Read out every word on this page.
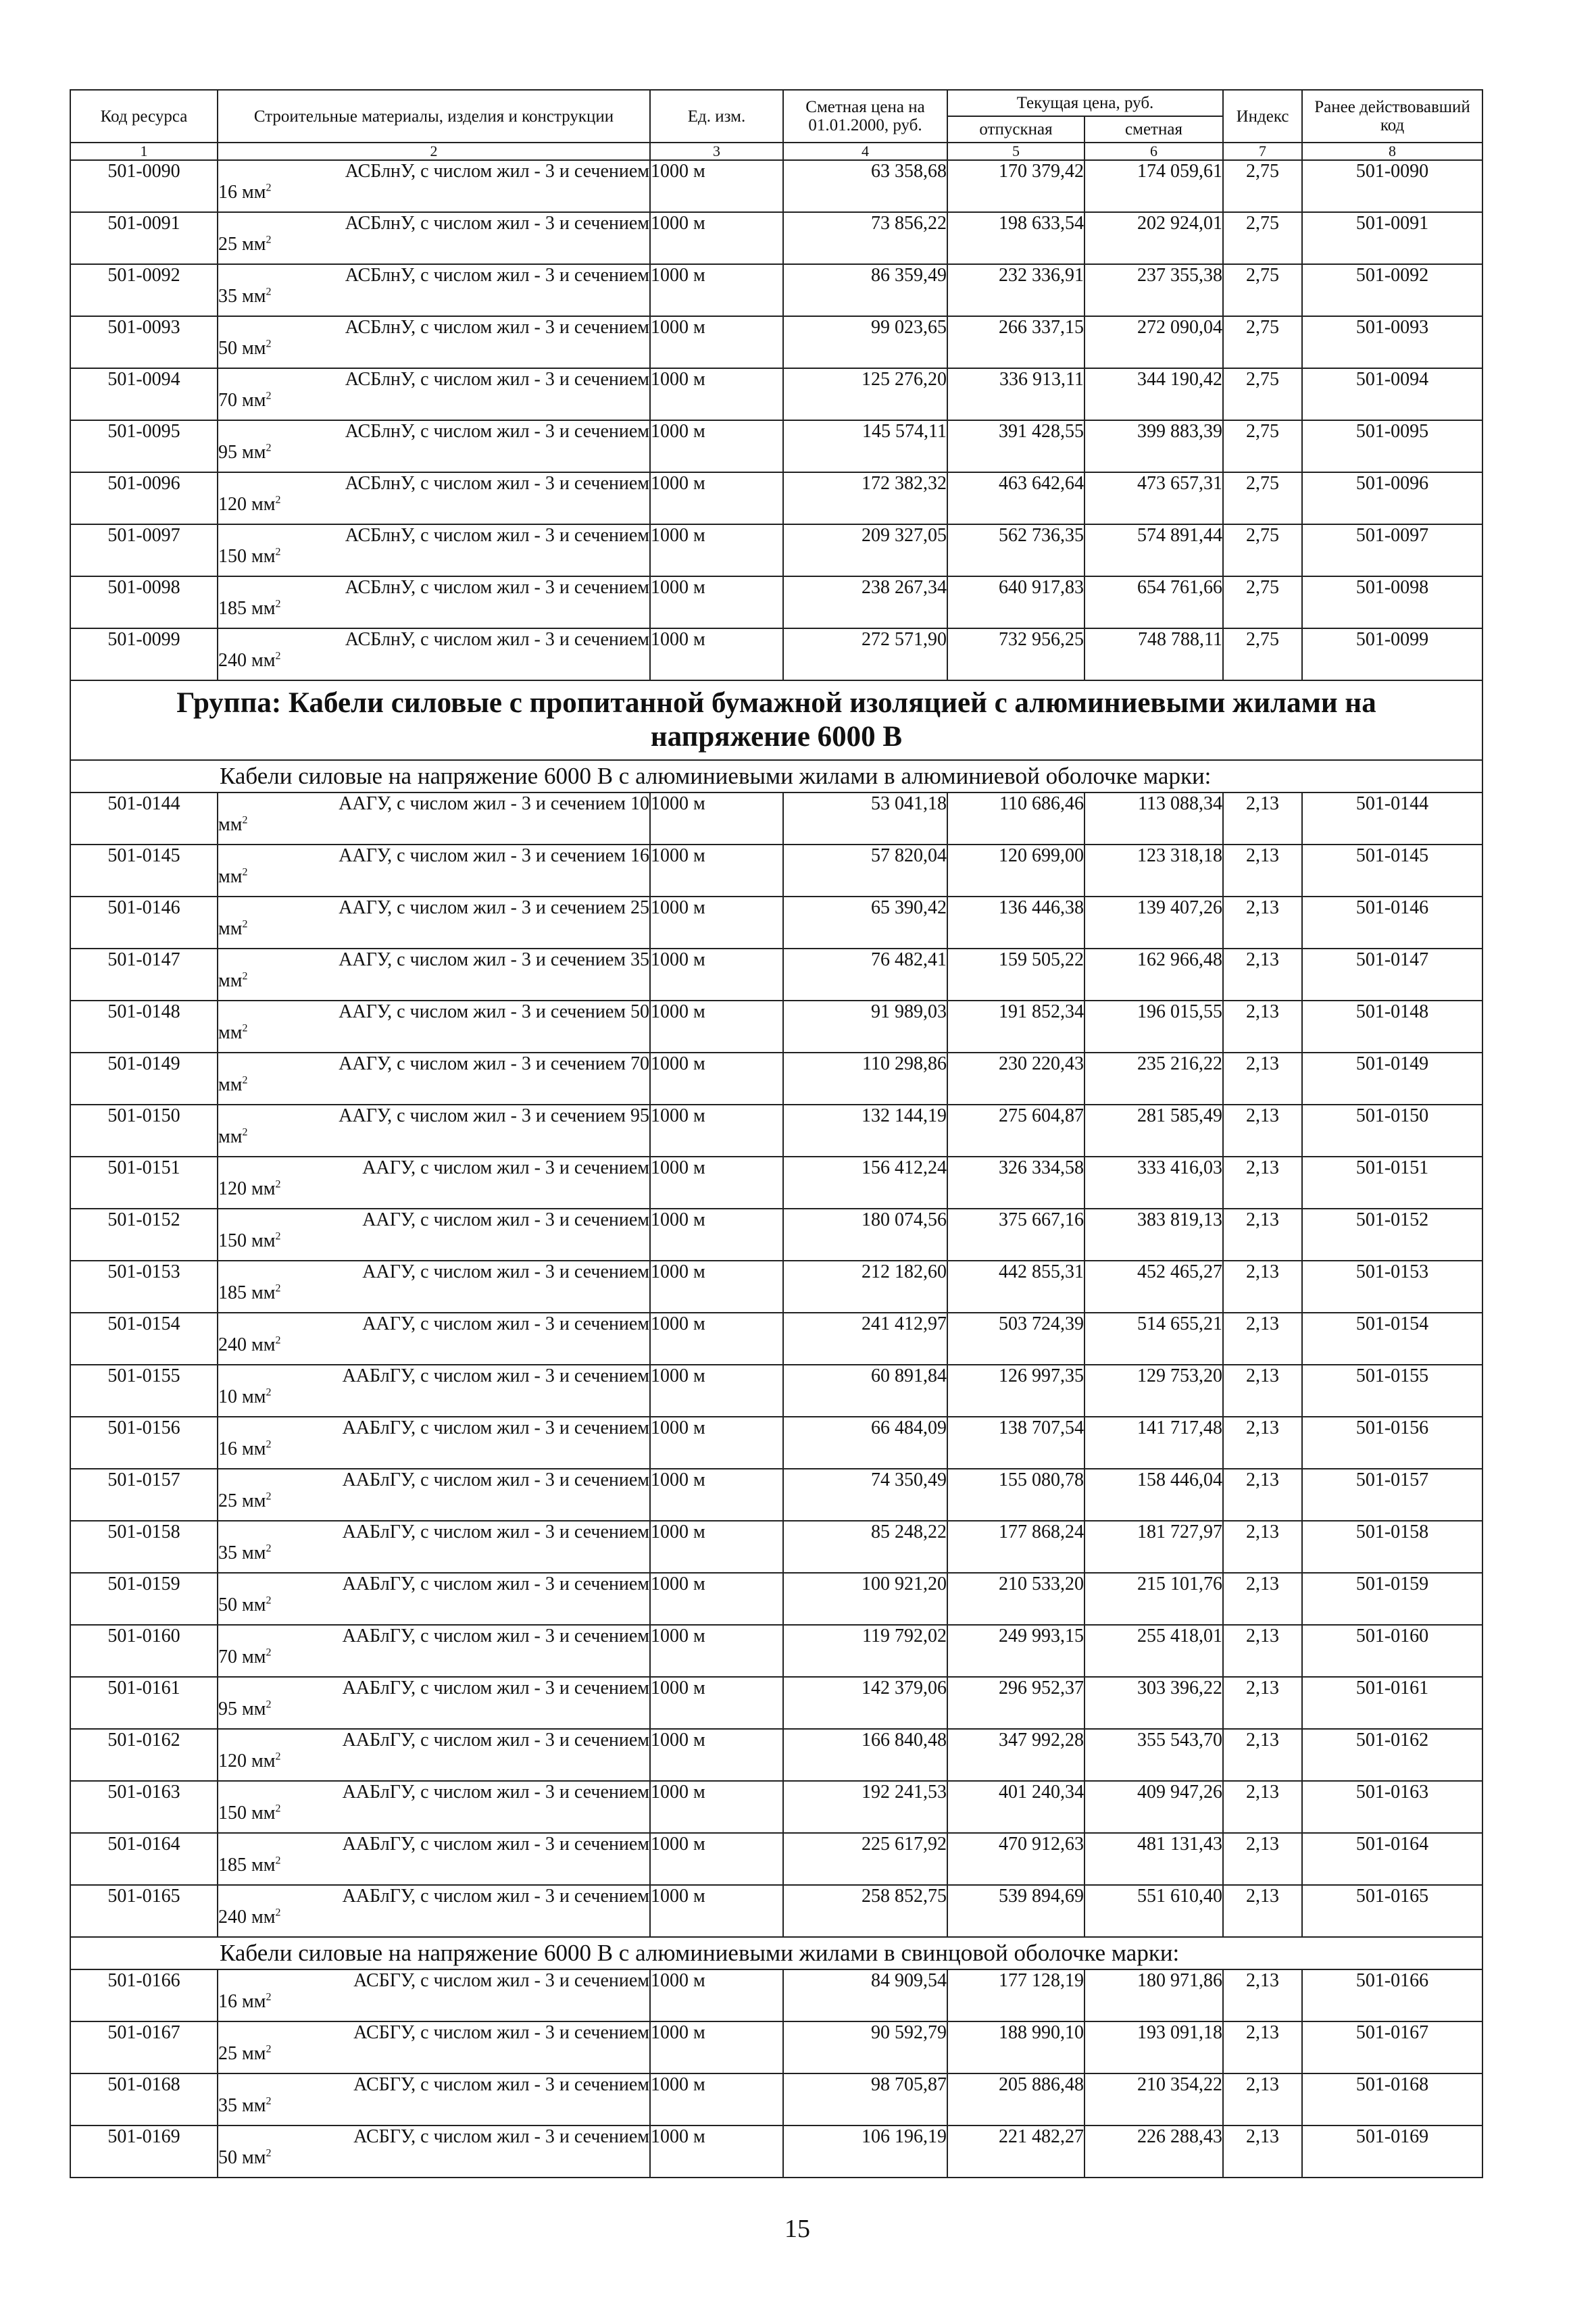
Код ресурса	Строительные материалы, изделия и конструкции	Ед. изм.	Сметная цена на 01.01.2000, руб.	Текущая цена, руб.		Индекс	Ранее действовавший код
				отпускная	сметная		
1	2	3	4	5	6	7	8
501-0090	АСБлнУ, с числом жил - 3 и сечением
16 $мм^2$	1000 м	63 358,68	170 379,42	174 059,61	2,75	501-0090
501-0091	АСБлнУ, с числом жил - 3 и сечением
25 $мм^2$	1000 м	73 856,22	198 633,54	202 924,01	2,75	501-0091
501-0092	АСБлнУ, с числом жил - 3 и сечением
35 $мм^2$	1000 м	86 359,49	232 336,91	237 355,38	2,75	501-0092
501-0093	АСБлнУ, с числом жил - 3 и сечением
50 $мм^2$	1000 м	99 023,65	266 337,15	272 090,04	2,75	501-0093
501-0094	АСБлнУ, с числом жил - 3 и сечением
70 $мм^2$	1000 м	125 276,20	336 913,11	344 190,42	2,75	501-0094
501-0095	АСБлнУ, с числом жил - 3 и сечением
95 $мм^2$	1000 м	145 574,11	391 428,55	399 883,39	2,75	501-0095
501-0096	АСБлнУ, с числом жил - 3 и сечением
120 $мм^2$	1000 м	172 382,32	463 642,64	473 657,31	2,75	501-0096
501-0097	АСБлнУ, с числом жил - 3 и сечением
150 $мм^2$	1000 м	209 327,05	562 736,35	574 891,44	2,75	501-0097
501-0098	АСБлнУ, с числом жил - 3 и сечением
185 $мм^2$	1000 м	238 267,34	640 917,83	654 761,66	2,75	501-0098
501-0099	АСБлнУ, с числом жил - 3 и сечением
240 $мм^2$	1000 м	272 571,90	732 956,25	748 788,11	2,75	501-0099

Группа: Кабели силовые с пропитанной бумажной изоляцией с алюминиевыми жилами на
напряжение 6000 В							

Кабели силовые на напряжение 6000 В с алюминиевыми жилами в алюминиевой оболочке марки:							
501-0144	ААГУ, с числом жил - 3 и сечением 10
$мм^2$	1000 м	53 041,18	110 686,46	113 088,34	2,13	501-0144
501-0145	ААГУ, с числом жил - 3 и сечением 16
$мм^2$	1000 м	57 820,04	120 699,00	123 318,18	2,13	501-0145
501-0146	ААГУ, с числом жил - 3 и сечением 25
$мм^2$	1000 м	65 390,42	136 446,38	139 407,26	2,13	501-0146
501-0147	ААГУ, с числом жил - 3 и сечением 35
$мм^2$	1000 м	76 482,41	159 505,22	162 966,48	2,13	501-0147
501-0148	ААГУ, с числом жил - 3 и сечением 50
$мм^2$	1000 м	91 989,03	191 852,34	196 015,55	2,13	501-0148
501-0149	ААГУ, с числом жил - 3 и сечением 70
$мм^2$	1000 м	110 298,86	230 220,43	235 216,22	2,13	501-0149
501-0150	ААГУ, с числом жил - 3 и сечением 95
$мм^2$	1000 м	132 144,19	275 604,87	281 585,49	2,13	501-0150
501-0151	ААГУ, с числом жил - 3 и сечением
120 $мм^2$	1000 м	156 412,24	326 334,58	333 416,03	2,13	501-0151
501-0152	ААГУ, с числом жил - 3 и сечением
150 $мм^2$	1000 м	180 074,56	375 667,16	383 819,13	2,13	501-0152
501-0153	ААГУ, с числом жил - 3 и сечением
185 $мм^2$	1000 м	212 182,60	442 855,31	452 465,27	2,13	501-0153
501-0154	ААГУ, с числом жил - 3 и сечением
240 $мм^2$	1000 м	241 412,97	503 724,39	514 655,21	2,13	501-0154
501-0155	ААБлГУ, с числом жил - 3 и сечением
10 $мм^2$	1000 м	60 891,84	126 997,35	129 753,20	2,13	501-0155
501-0156	ААБлГУ, с числом жил - 3 и сечением
16 $мм^2$	1000 м	66 484,09	138 707,54	141 717,48	2,13	501-0156
501-0157	ААБлГУ, с числом жил - 3 и сечением
25 $мм^2$	1000 м	74 350,49	155 080,78	158 446,04	2,13	501-0157
501-0158	ААБлГУ, с числом жил - 3 и сечением
35 $мм^2$	1000 м	85 248,22	177 868,24	181 727,97	2,13	501-0158
501-0159	ААБлГУ, с числом жил - 3 и сечением
50 $мм^2$	1000 м	100 921,20	210 533,20	215 101,76	2,13	501-0159
501-0160	ААБлГУ, с числом жил - 3 и сечением
70 $мм^2$	1000 м	119 792,02	249 993,15	255 418,01	2,13	501-0160
501-0161	ААБлГУ, с числом жил - 3 и сечением
95 $мм^2$	1000 м	142 379,06	296 952,37	303 396,22	2,13	501-0161
501-0162	ААБлГУ, с числом жил - 3 и сечением
120 $мм^2$	1000 м	166 840,48	347 992,28	355 543,70	2,13	501-0162
501-0163	ААБлГУ, с числом жил - 3 и сечением
150 $мм^2$	1000 м	192 241,53	401 240,34	409 947,26	2,13	501-0163
501-0164	ААБлГУ, с числом жил - 3 и сечением
185 $мм^2$	1000 м	225 617,92	470 912,63	481 131,43	2,13	501-0164
501-0165	ААБлГУ, с числом жил - 3 и сечением
240 $мм^2$	1000 м	258 852,75	539 894,69	551 610,40	2,13	501-0165
Кабели силовые на напряжение 6000 В с алюминиевыми жилами в свинцовой оболочке марки:							
501-0166	АСБГУ, с числом жил - 3 и сечением
16 $мм^2$	1000 м	84 909,54	177 128,19	180 971,86	2,13	501-0166
501-0167	АСБГУ, с числом жил - 3 и сечением
25 $мм^2$	1000 м	90 592,79	188 990,10	193 091,18	2,13	501-0167
501-0168	АСБГУ, с числом жил - 3 и сечением
35 $мм^2$	1000 м	98 705,87	205 886,48	210 354,22	2,13	501-0168
501-0169	АСБГУ, с числом жил - 3 и сечением
50 $мм^2$	1000 м	106 196,19	221 482,27	226 288,43	2,13	501-0169
15
